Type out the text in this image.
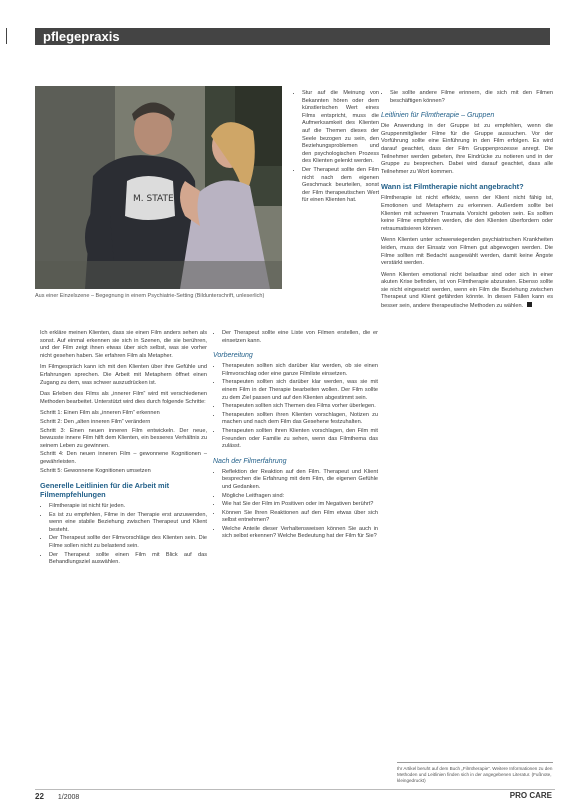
pflegepraxis
M. STATE
Aus einer Einzelszene – Begegnung in einem Psychiatrie-Setting (Bildunterschrift, unleserlich)
• Stur auf die Meinung von Bekannten hören oder dem künstlerischen Wert eines Films entspricht, muss die Aufmerksamkeit des Klienten auf die Themen dieses der Seele bezogen zu sein, den Beziehungsproblemen und den psychologischen Prozess des Klienten gelenkt werden.
• Der Therapeut sollte den Film nicht nach dem eigenen Geschmack beurteilen, sonst der Film therapeutischen Wert für einen Klienten hat.
• Sie sollte andere Filme erinnern, die sich mit den Filmen beschäftigen können?
Leitlinien für Filmtherapie – Gruppen

Die Anwendung in der Gruppe ist zu empfehlen, wenn die Gruppenmitglieder Filme für die Gruppe aussuchen. Vor der Vorführung sollte eine Einführung in den Film erfolgen. Es wird darauf geachtet, dass der Film Gruppenprozesse anregt. Die Teilnehmer werden gebeten, ihre Eindrücke zu notieren und in der Gruppe zu besprechen. Dabei wird darauf geachtet, dass alle Teilnehmer zu Wort kommen.

Wann ist Filmtherapie nicht angebracht?

Filmtherapie ist nicht effektiv, wenn der Klient nicht fähig ist, Emotionen und Metaphern zu erkennen. Außerdem sollte bei Klienten mit schweren Traumata Vorsicht geboten sein. Es sollten keine Filme empfohlen werden, die den Klienten überfordern oder retraumatisieren können.

Wenn Klienten unter schwerwiegenden psychiatrischen Krankheiten leiden, muss der Einsatz von Filmen gut abgewogen werden. Die Filme sollten mit Bedacht ausgewählt werden, damit keine Ängste verstärkt werden.

Wenn Klienten emotional nicht belastbar sind oder sich in einer akuten Krise befinden, ist von Filmtherapie abzuraten. Ebenso sollte sie nicht eingesetzt werden, wenn ein Film die Beziehung zwischen Therapeut und Klient gefährden könnte. In diesen Fällen kann es besser sein, andere therapeutische Methoden zu wählen.

Ich erkläre meinen Klienten, dass sie einen Film anders sehen als sonst. Auf einmal erkennen sie sich in Szenen, die sie berühren, und der Film zeigt ihnen etwas über sich selbst, was sie vorher nicht gesehen haben. Sie erfahren Film als Metapher.

Im Filmgespräch kann ich mit den Klienten über ihre Gefühle und Erfahrungen sprechen. Die Arbeit mit Metaphern öffnet einen Zugang zu dem, was schwer auszudrücken ist.

Das Erleben des Films als „innerer Film“ wird mit verschiedenen Methoden bearbeitet. Unterstützt wird dies durch folgende Schritte:

Schritt 1: Einen Film als „inneren Film“ erkennen

Schritt 2: Den „alten inneren Film“ verändern

Schritt 3: Einen neuen inneren Film entwickeln. Der neue, bewusste innere Film hilft dem Klienten, ein besseres Verhältnis zu seinem Leben zu gewinnen.

Schritt 4: Den neuen inneren Film – gewonnene Kognitionen – gewährleisten.

Schritt 5: Gewonnene Kognitionen umsetzen

Generelle Leitlinien für die Arbeit mit Filmempfehlungen
• Filmtherapie ist nicht für jeden.
• Es ist zu empfehlen, Filme in der Therapie erst anzuwenden, wenn eine stabile Beziehung zwischen Therapeut und Klient besteht.
• Der Therapeut sollte der Filmvorschläge des Klienten sein. Die Filme sollen nicht zu belastend sein.
• Der Therapeut sollte einen Film mit Blick auf das Behandlungsziel auswählen.
• Der Therapeut sollte eine Liste von Filmen erstellen, die er einsetzen kann.
Vorbereitung
• Therapeuten sollten sich darüber klar werden, ob sie einen Filmvorschlag oder eine ganze Filmliste einsetzen.
• Therapeuten sollten sich darüber klar werden, was sie mit einem Film in der Therapie bearbeiten wollen. Der Film sollte zu dem Ziel passen und auf den Klienten abgestimmt sein.
• Therapeuten sollten sich Themen des Films vorher überlegen.
• Therapeuten sollten ihren Klienten vorschlagen, Notizen zu machen und nach dem Film das Gesehene festzuhalten.
• Therapeuten sollten ihren Klienten vorschlagen, den Film mit Freunden oder Familie zu sehen, wenn das Filmthema das zulässt.
Nach der Filmerfahrung
• Reflektion der Reaktion auf den Film. Therapeut und Klient besprechen die Erfahrung mit dem Film, die eigenen Gefühle und Gedanken.
• Mögliche Leitfragen sind:
• Wie hat Sie der Film im Positiven oder im Negativen berührt?
• Können Sie Ihren Reaktionen auf den Film etwas über sich selbst entnehmen?
• Welche Anteile dieser Verhaltensweisen können Sie auch in sich selbst erkennen? Welche Bedeutung hat der Film für Sie?
Ihr Artikel beruht auf dem Buch „Filmtherapie“. Weitere Informationen zu den Methoden und Leitlinien finden sich in der angegebenen Literatur. (Fußnote, kleingedruckt)
22 1/2008	PRO CARE
